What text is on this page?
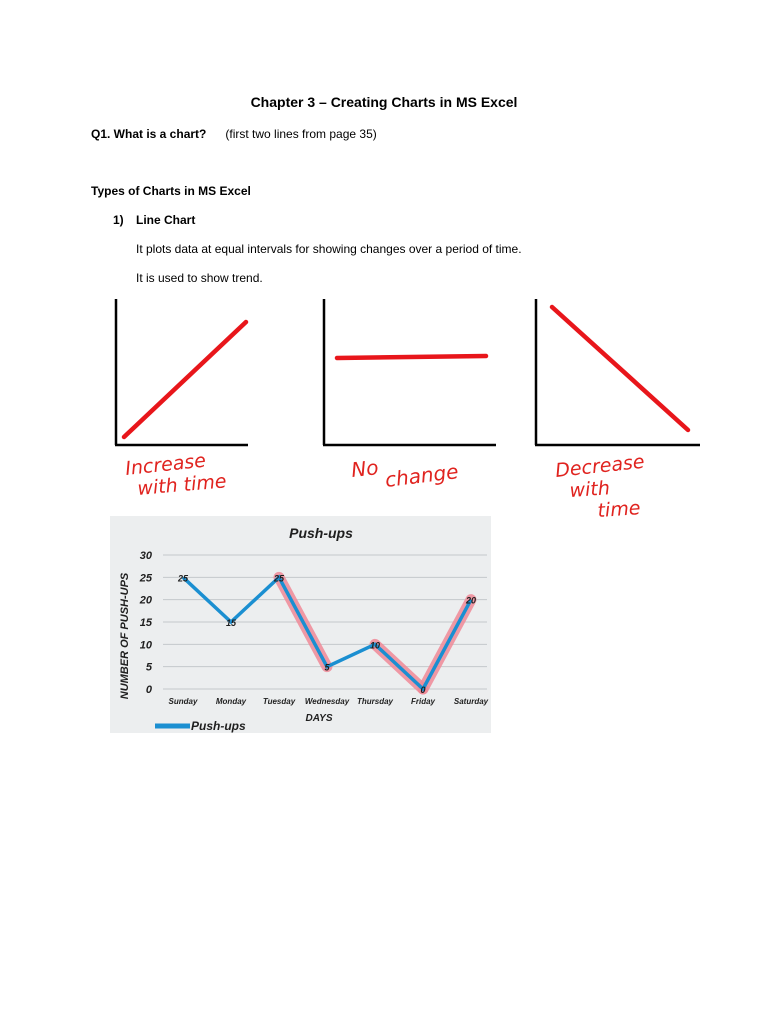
Chapter 3 – Creating Charts in MS Excel
Q1. What is a chart? (first two lines from page 35)
Types of Charts in MS Excel
1) Line Chart
It plots data at equal intervals for showing changes over a period of time.
It is used to show trend.
Increase
with time
No change	Decrease
with
time
Push-ups
0
5
10
15
20
25
30
Sunday Monday Tuesday Wednesday Thursday Friday Saturday
25
15
25
5
10
0
20
NUMBER OF PUSH-UPS
DAYS
Push-ups
